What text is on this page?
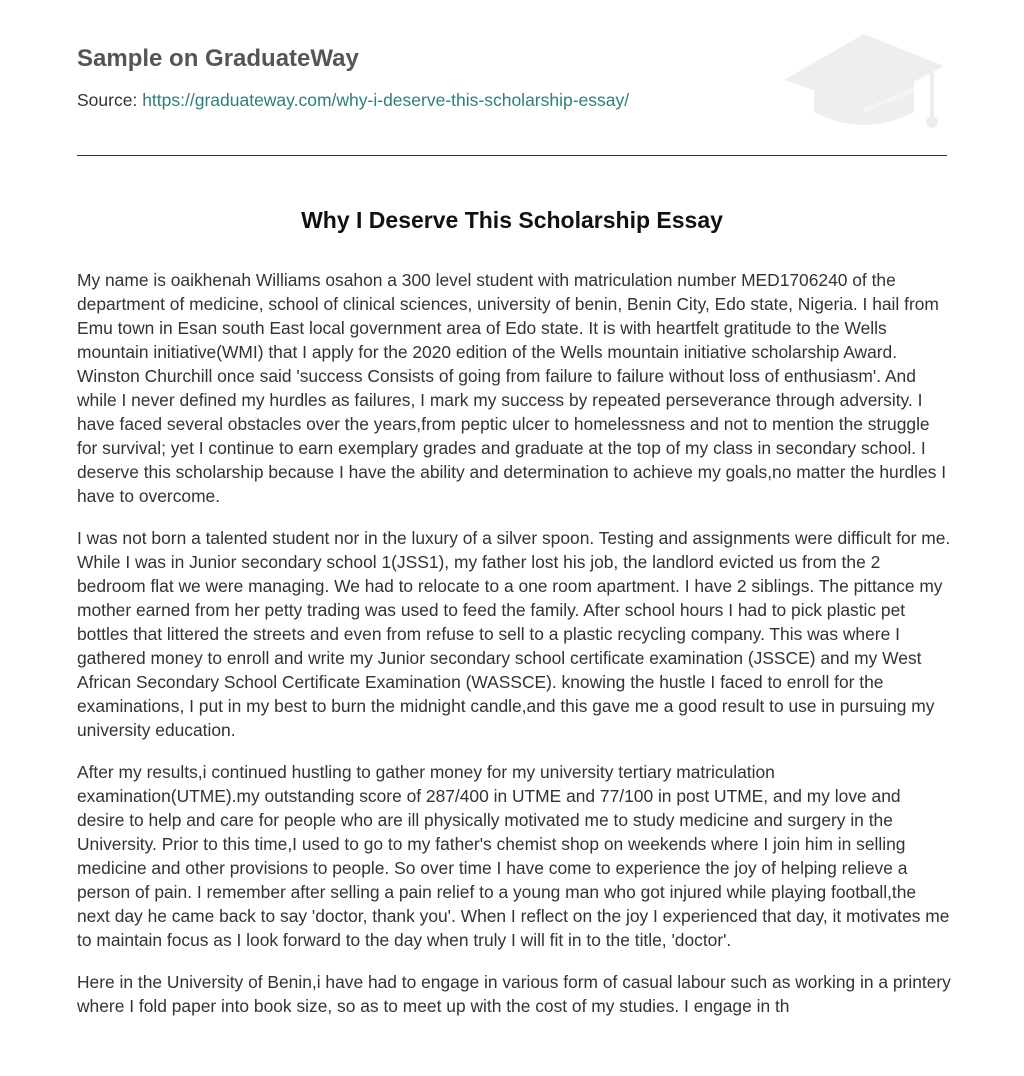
Sample on GraduateWay
Source: https://graduateway.com/why-i-deserve-this-scholarship-essay/
Why I Deserve This Scholarship Essay

My name is oaikhenah Williams osahon a 300 level student with matriculation number MED1706240 of the department of medicine, school of clinical sciences, university of benin, Benin City, Edo state, Nigeria. I hail from Emu town in Esan south East local government area of Edo state. It is with heartfelt gratitude to the Wells mountain initiative(WMI) that I apply for the 2020 edition of the Wells mountain initiative scholarship Award. Winston Churchill once said 'success Consists of going from failure to failure without loss of enthusiasm'. And while I never defined my hurdles as failures, I mark my success by repeated perseverance through adversity. I have faced several obstacles over the years,from peptic ulcer to homelessness and not to mention the struggle for survival; yet I continue to earn exemplary grades and graduate at the top of my class in secondary school. I deserve this scholarship because I have the ability and determination to achieve my goals,no matter the hurdles I have to overcome.

I was not born a talented student nor in the luxury of a silver spoon. Testing and assignments were difficult for me. While I was in Junior secondary school 1(JSS1), my father lost his job, the landlord evicted us from the 2 bedroom flat we were managing. We had to relocate to a one room apartment. I have 2 siblings. The pittance my mother earned from her petty trading was used to feed the family. After school hours I had to pick plastic pet bottles that littered the streets and even from refuse to sell to a plastic recycling company. This was where I gathered money to enroll and write my Junior secondary school certificate examination (JSSCE) and my West African Secondary School Certificate Examination (WASSCE). knowing the hustle I faced to enroll for the examinations, I put in my best to burn the midnight candle,and this gave me a good result to use in pursuing my university education.

After my results,i continued hustling to gather money for my university tertiary matriculation examination(UTME).my outstanding score of 287/400 in UTME and 77/100 in post UTME, and my love and desire to help and care for people who are ill physically motivated me to study medicine and surgery in the University. Prior to this time,I used to go to my father's chemist shop on weekends where I join him in selling medicine and other provisions to people. So over time I have come to experience the joy of helping relieve a person of pain. I remember after selling a pain relief to a young man who got injured while playing football,the next day he came back to say 'doctor, thank you'. When I reflect on the joy I experienced that day, it motivates me to maintain focus as I look forward to the day when truly I will fit in to the title, 'doctor'.

Here in the University of Benin,i have had to engage in various form of casual labour such as working in a printery where I fold paper into book size, so as to meet up with the cost of my studies. I engage in th
